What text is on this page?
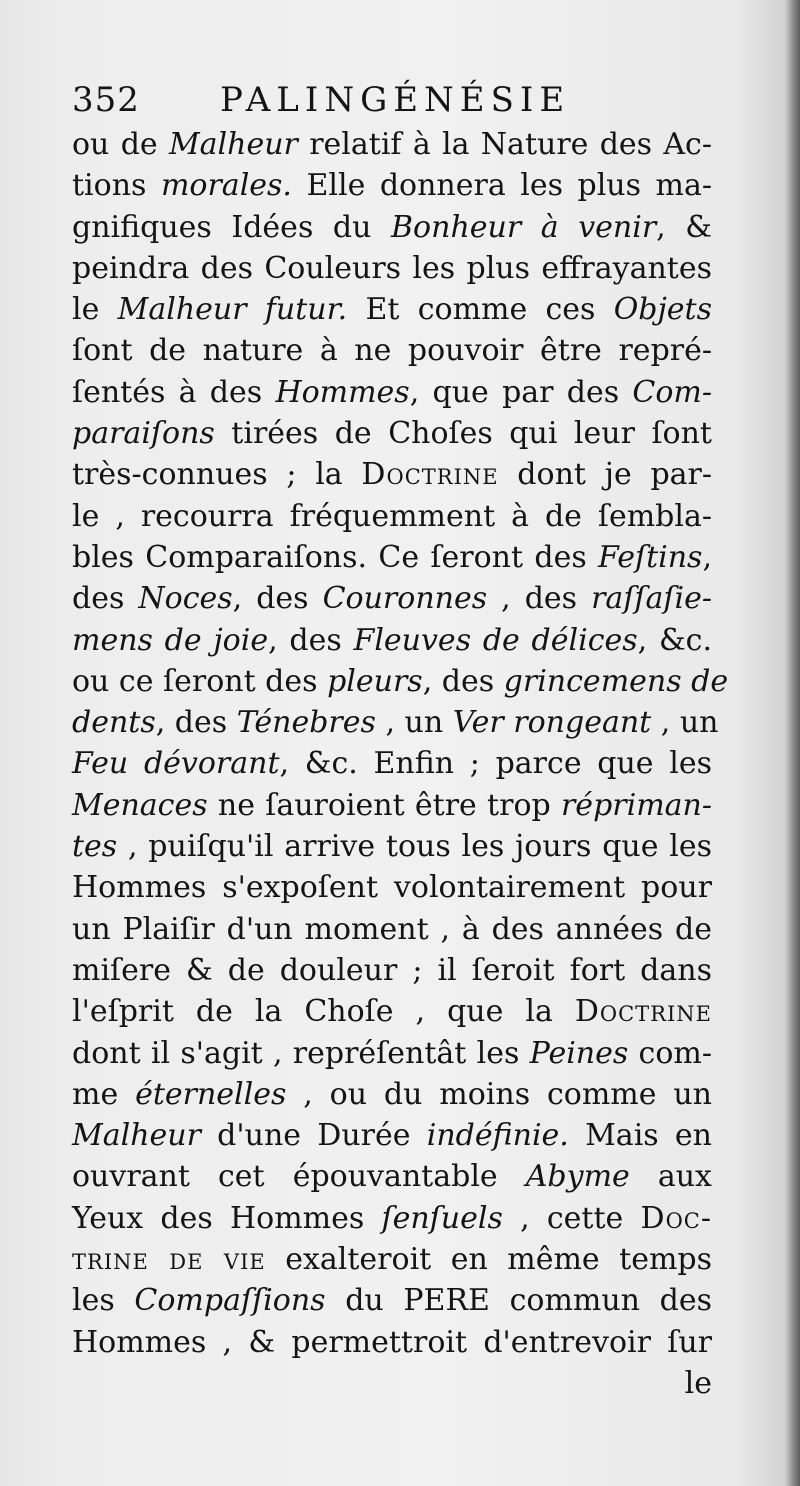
352 PALINGÉNÉSIE
ou de Malheur relatif à la Nature des Ac-
tions morales. Elle donnera les plus ma-
gnifiques Idées du Bonheur à venir, &
peindra des Couleurs les plus effrayantes
le Malheur futur. Et comme ces Objets
ſont de nature à ne pouvoir être repré-
ſentés à des Hommes, que par des Com-
paraiſons tirées de Choſes qui leur ſont
très-connues ; la Doctrine dont je par-
le , recourra fréquemment à de ſembla-
bles Comparaiſons. Ce ſeront des Feſtins,
des Noces, des Couronnes , des raſſaſie-
mens de joie, des Fleuves de délices, &c.
ou ce ſeront des pleurs, des grincemens de
dents, des Ténebres , un Ver rongeant , un
Feu dévorant, &c. Enfin ; parce que les
Menaces ne ſauroient être trop répriman-
tes , puiſqu'il arrive tous les jours que les
Hommes s'expoſent volontairement pour
un Plaiſir d'un moment , à des années de
miſere & de douleur ; il ſeroit fort dans
l'eſprit de la Choſe , que la Doctrine
dont il s'agit , repréſentât les Peines com-
me éternelles , ou du moins comme un
Malheur d'une Durée indéfinie. Mais en
ouvrant cet épouvantable Abyme aux
Yeux des Hommes ſenſuels , cette Doc-
trine de vie exalteroit en même temps
les Compaſſions du PERE commun des
Hommes , & permettroit d'entrevoir ſur
le
